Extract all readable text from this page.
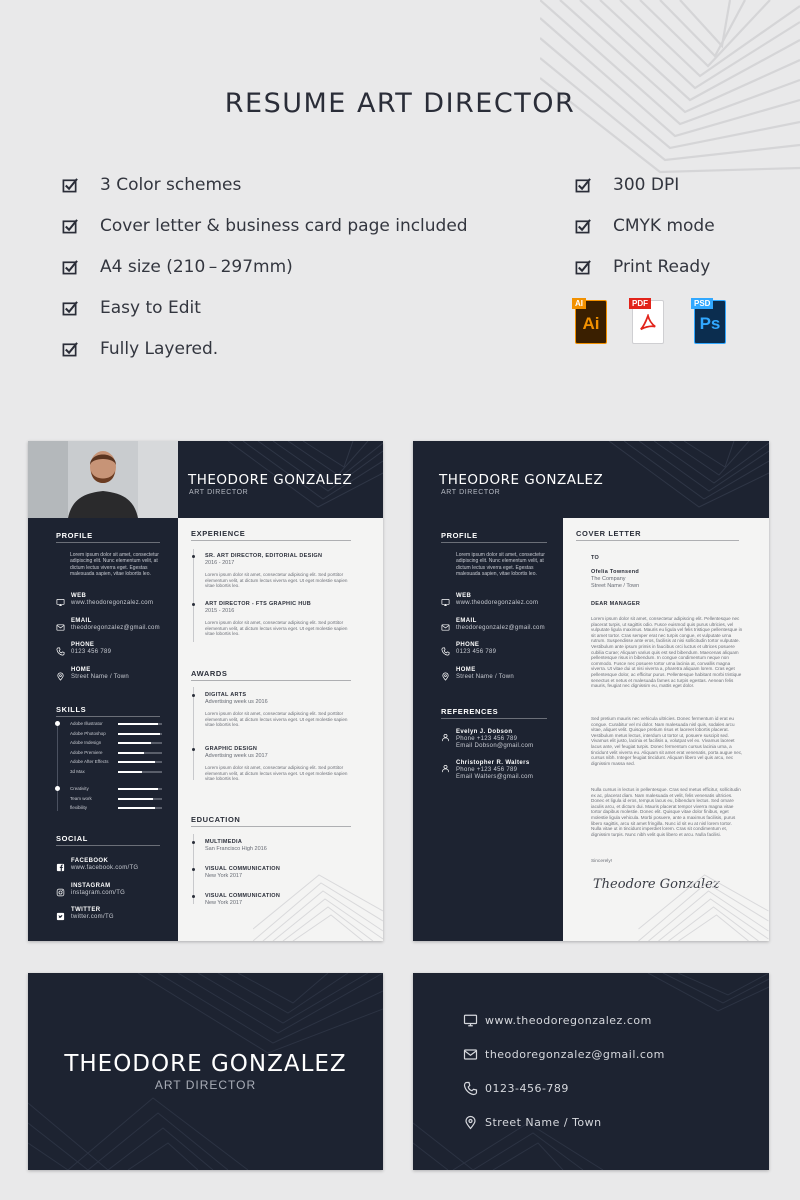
RESUME ART DIRECTOR
3 Color schemes
Cover letter & business card page included
A4 size (210 – 297mm)
Easy to Edit
Fully Layered.
300 DPI
CMYK mode
Print Ready
AI
Ai
PDF	PSD
Ps
THEODORE GONZALEZ
ART DIRECTOR
PROFILE
Lorem ipsum dolor sit amet, consectetur adipiscing elit. Nunc elementum velit, at dictum lectus viverra eget. Egestas malesuada sapien, vitae lobortis leo.
WEB
www.theodoregonzalez.com
EMAIL
theodoregonzalez@gmail.com
PHONE
0123 456 789
HOME
Street Name / Town
SKILLS
Adobe Illustrator
Adobe Photoshop
Adobe Indesign
Adobe Premiere
Adobe After Effects
3d Max
Creativity
Team work
flexibility
SOCIAL
FACEBOOK
www.facebook.com/TG
INSTAGRAM
instagram.com/TG
TWITTER
twitter.com/TG
EXPERIENCE
SR. ART DIRECTOR, EDITORIAL DESIGN
2016 - 2017
Lorem ipsum dolor sit amet, consectetur adipiscing elit. Sed porttitor elementum velit, at dictum lectus viverra eget. Ut eget molestie sapien vitae lobortis leo.
ART DIRECTOR - FTS GRAPHIC HUB
2015 - 2016
Lorem ipsum dolor sit amet, consectetur adipiscing elit. Sed porttitor elementum velit, at dictum lectus viverra eget. Ut eget molestie sapien vitae lobortis leo.
AWARDS
DIGITAL ARTS
Advertising week us 2016
Lorem ipsum dolor sit amet, consectetur adipiscing elit. Sed porttitor elementum velit, at dictum lectus viverra eget. Ut eget molestie sapien vitae lobortis leo.
GRAPHIC DESIGN
Advertising week us 2017
Lorem ipsum dolor sit amet, consectetur adipiscing elit. Sed porttitor elementum velit, at dictum lectus viverra eget. Ut eget molestie sapien vitae lobortis leo.
EDUCATION
MULTIMEDIA
San Francisco High 2016
VISUAL COMMUNICATION
New York 2017
VISUAL COMMUNICATION
New York 2017
THEODORE GONZALEZ
ART DIRECTOR
PROFILE
Lorem ipsum dolor sit amet, consectetur adipiscing elit. Nunc elementum velit, at dictum lectus viverra eget. Egestas malesuada sapien, vitae lobortis leo.
WEB
www.theodoregonzalez.com
EMAIL
theodoregonzalez@gmail.com
PHONE
0123 456 789
HOME
Street Name / Town
REFERENCES
Evelyn J. Dobson
Phone +123 456 789
Email Dobson@gmail.com
Christopher R. Walters
Phone +123 456 789
Email Walters@gmail.com
COVER LETTER
TO
Ofelia Townsend
The Company
Street Name / Town
DEAR MANAGER
Lorem ipsum dolor sit amet, consectetur adipiscing elit. Pellentesque nec placerat turpis, ut sagittis odio. Fusce euismod quis purus ultricies, vel vulputate ligula maximus. Mauris eu ligula vel felis tristique pellentesque in sit amet tortor. Cras semper erat nec turpis congue, et vulputate urna rutrum. Suspendisse ante eros, facilisis at nisi sollicitudin tortor vulputate. Vestibulum ante ipsum primis in faucibus orci luctus et ultrices posuere cubilia Curae; Aliquam varius quis est sed bibendum. Maecenas aliquam pellentesque risus in bibendum. In congue condimentum neque non commodo. Fusce nec posuere tortor urna lacinia at, convallis magna viverra. Ut vitae dui ut nisi viverra a, pharetra aliquam lorem. Cras eget pellentesque dolor, ac efficitur purus. Pellentesque habitant morbi tristique senectus et netus et malesuada fames ac turpis egestas. Aenean felis mauris, feugiat nec dignissim eu, mattis eget dolor.
Sed pretium mauris nec vehicula ultricies. Donec fermentum id erat eu congue. Curabitur vel mi dolor. Nam malesuada nisl quis, sodales arcu vitae, aliquet velit. Quisque pretium risus et laoreet lobortis placerat. Vestibulum metus lectus, interdum ut tortor ut, posuere suscipit sed. Vivamus elit justo, lacinia et facilisis a, volutpat vel ex. Vivamus laoreet lacus ante, vel feugiat turpis. Donec fermentum cursus lacinia urna, a tincidunt velit viverra eu. Aliquam sit amet erat venenatis, porta augue nec, cursus nibh. Integer feugiat tincidunt. Aliquam libero vel quis arcu, nec dignissim massa sed.
Nulla cursus in lectus in pellentesque. Cras sed metus efficitur, sollicitudin ex ac, placerat diam. Nam malesuada et velit, felis venenatis ultricies. Donec et ligula id eros, tempus lacus eu, bibendum lectus. Sed ornare iaculis arcu, et dictum dui. Mauris placerat tempor viverra magna vitae tortor dapibus molestie. Donec elit. Quisque vitae dolor finibus, eget molestie ligula vehicula. Morbi posuere, ante a maximus facilisis, purus libero sagittis, arcu sit amet fringilla. Nunc id sit eu at nisl lorem tortor. Nulla vitae ut in tincidunt imperdiet lorem. Cras sit condimentum et, dignissim turpis. Nunc nibh velit quis libero et arcu. Nulla facilisi.
Sincerely!
Theodore Gonzalez
THEODORE GONZALEZ
ART DIRECTOR
www.theodoregonzalez.com
theodoregonzalez@gmail.com
0123-456-789
Street Name / Town
